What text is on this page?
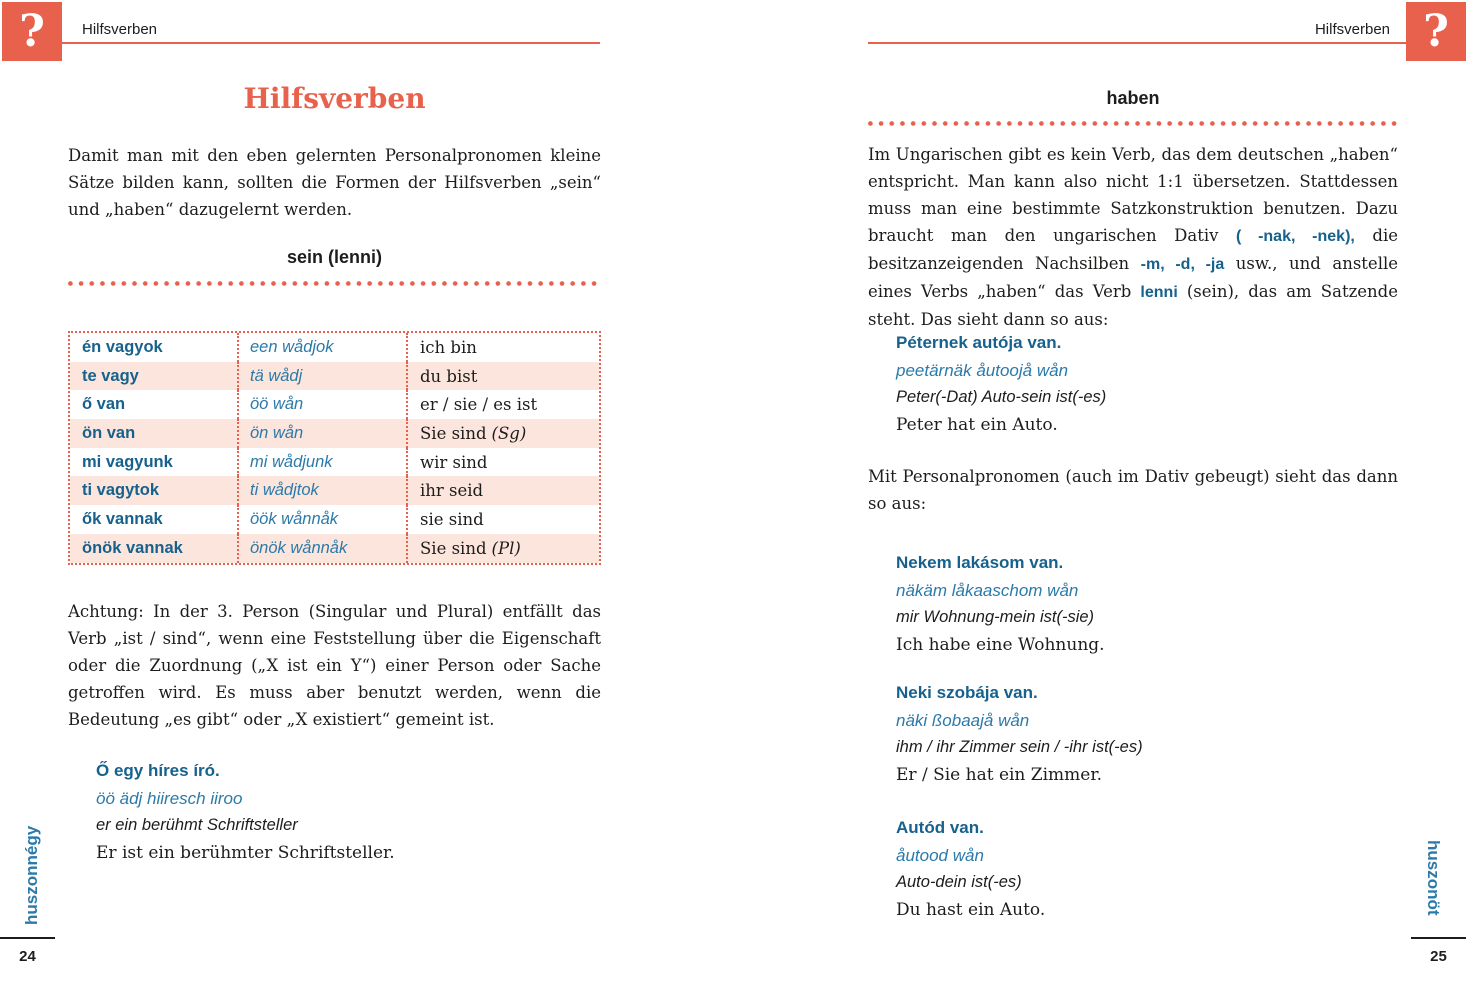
?	Hilfsverben
Hilfsverben

Damit man mit den eben gelernten Personalpronomen kleine Sätze bilden kann, sollten die Formen der Hilfsverben „sein“ und „haben“ dazugelernt werden.

sein (lenni)
én vagyok	een wådjok	ich bin
te vagy	tä wådj	du bist
ő van	öö wån	er / sie / es ist
ön van	ön wån	Sie sind (Sg)
mi vagyunk	mi wådjunk	wir sind
ti vagytok	ti wådjtok	ihr seid
ők vannak	öök wånnåk	sie sind
önök vannak	önök wånnåk	Sie sind (Pl)

Achtung: In der 3. Person (Singular und Plural) entfällt das Verb „ist / sind“, wenn eine Feststellung über die Eigenschaft oder die Zuordnung („X ist ein Y“) einer Person oder Sache getroffen wird. Es muss aber benutzt werden, wenn die Bedeutung „es gibt“ oder „X existiert“ gemeint ist.

Ő egy híres író.
öö ädj hiiresch iiroo
er ein berühmt Schriftsteller
Er ist ein berühmter Schriftsteller.
huszonnégy
24
Hilfsverben ?
haben

Im Ungarischen gibt es kein Verb, das dem deutschen „haben“ entspricht. Man kann also nicht 1:1 übersetzen. Stattdessen muss man eine bestimmte Satzkonstruktion benutzen. Dazu braucht man den ungarischen Dativ ( -nak, -nek), die besitzanzeigenden Nachsilben -m, -d, -ja usw., und anstelle eines Verbs „haben“ das Verb lenni (sein), das am Satzende steht. Das sieht dann so aus:

Péternek autója van.
peetärnäk åutoojå wån
Peter(-Dat) Auto-sein ist(-es)
Peter hat ein Auto.

Mit Personalpronomen (auch im Dativ gebeugt) sieht das dann so aus:

Nekem lakásom van.
näkäm låkaaschom wån
mir Wohnung-mein ist(-sie)
Ich habe eine Wohnung.
Neki szobája van.
näki ßobaajå wån
ihm / ihr Zimmer sein / -ihr ist(-es)
Er / Sie hat ein Zimmer.
Autód van.
åutood wån
Auto-dein ist(-es)
Du hast ein Auto.	huszonöt
25
